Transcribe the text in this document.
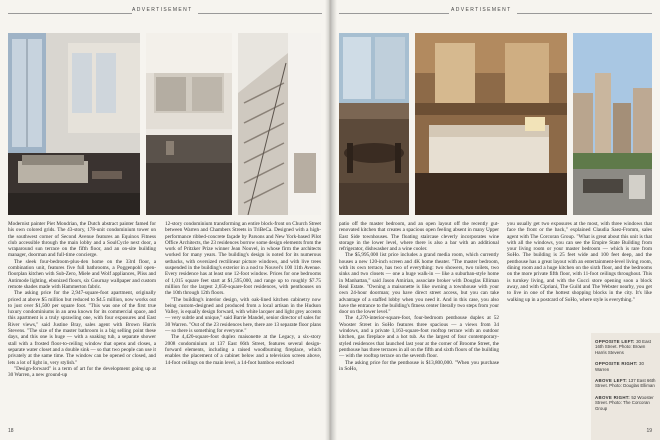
ADVERTISEMENT

Modernist painter Piet Mondrian, the Dutch abstract painter famed for his own colored grids. The 43-story, 178-unit condominium tower on the southwest corner of Second Avenue features an Equinox Fitness club accessible through the main lobby and a SoulCycle next door, a wraparound sun terrace on the fifth floor, and an on-site building manager, doorman and full-time concierge.

The sleek four-bedroom-plus-den home on the 33rd floor, a combination unit, features five full bathrooms, a Poggenpohl open-floorplan kitchen with Sub-Zero, Miele and Wolf appliances, Pliss and Antimode lighting, ebonized floors, six Gournay wallpaper and custom remote shades made with Hammerton fabric.

The asking price for the 2,947-square-foot apartment, originally priced at above $5 million but reduced to $4.5 million, now works out to just over $1,500 per square foot. "This was one of the first true luxury condominiums in an area known for its commercial space, and this apartment is a truly sprawling one, with four exposures and East River views," said Justine Bray, sales agent with Brown Harris Stevens. "The size of the master bathroom is a big selling point these days, and this one is huge — with a soaking tub, a separate shower stall with a frosted floor-to-ceiling window that opens and closes, a separate water closet and a double sink — so that two people can use it privately at the same time. The window can be opened or closed, and lets a lot of light in, very stylish."

"Design-forward" is a term of art for the development going up at 30 Warren, a new ground-up

12-story condominium transforming an entire block-front on Church Street between Warren and Chambers Streets in TriBeCa. Designed with a high-performance ribbed-concrete façade by Parsons and New York-based Pilot Office Architects, the 23 residences borrow some design elements from the work of Pritzker Prize winner Jean Nouvel, in whose firm the architects worked for many years. The building's design is noted for its numerous setbacks, with oversized rectilinear picture windows, and with live trees suspended in the building's exterior in a nod to Nouvel's 100 11th Avenue. Every residence has at least one 12-foot window. Prices for one bedrooms of 1,015 square feet start at $1,595,000, and range up to roughly $7.75 million for the largest 2,650-square-foot residences, with penthouses on the 10th through 12th floors.

"The building's interior design, with oak-lined kitchen cabinetry now being custom-designed and produced from a local artisan in the Hudson Valley, is equally design forward, with white lacquer and light grey accents — very subtle and unique," said Barrie Mandel, senior director of sales for 30 Warren. "Out of the 23 residences here, there are 13 separate floor plans — so there is something for everyone."

The 4,420-square-foot duplex maisonette at the Legacy, a six-story 2008 condominium at 137 East 66th Street, features several design-forward elements, including a raised woodburning fireplace, which enables the placement of a cabinet below and a television screen above, 14-foot ceilings on the main level, a 14-foot bamboo enclosed

18
ADVERTISEMENT

patio off the master bedroom, and an open layout off the recently gut-renovated kitchen that creates a spacious open feeling absent in many Upper East Side townhouses. The floating staircase cleverly incorporates wine storage in the lower level, where there is also a bar with an additional refrigerator, dishwasher and a wine cooler.

The $5,995,000 list price includes a grand media room, which currently houses a new 120-inch screen and 4K home theater. "The master bedroom, with its own terrace, has two of everything: two showers, two toilets, two sinks and two closets — one a huge walk-in — like a suburban-style home in Manhattan," said Jason Amirian, associate broker with Douglas Elliman Real Estate. "Owning a maisonette is like owning a townhouse with your own 24-hour doorman; you have direct street access, but you can take advantage of a staffed lobby when you need it. And in this case, you also have the entrance to the building's fitness center literally two steps from your door on the lower level."

The 4,270-interior-square-foot, four-bedroom penthouse duplex at 52 Wooster Street in SoHo features three spacious — a views from 34 windows, and a private 1,163-square-foot rooftop terrace with an outdoor kitchen, gas fireplace and a hot tub. As the largest of four contemporary-styled residences that launched last year at the corner of Broome Street, the penthouse has three terraces in all on the fifth and sixth floors of the building — with the rooftop terrace on the seventh floor.

The asking price for the penthouse is $13,800,000. "When you purchase in SoHo,

you usually get two exposures at the most, with three windows that face the front or the back," explained Claudia Saez-Fromm, sales agent with The Corcoran Group. "What is great about this unit is that with all the windows, you can see the Empire State Building from your living room or your master bedroom — which is rare from SoHo. The building is 25 feet wide and 100 feet deep, and the penthouse has a great layout with an entertainment-level living room, dining room and a huge kitchen on the sixth floor, and the bedrooms on the more private fifth floor, with 11-foot ceilings throughout. This is turnkey living, and with the Gucci store opening soon a block away, and with Cipriani, The Guild and The Webster nearby, you get to live in one of the hottest shopping blocks in the city. It's like walking up in a postcard of SoHo, where style is everything."

OPPOSITE LEFT: 30 East 16th Street. Photo: Brown Harris Stevens
OPPOSITE RIGHT: 30 Warren
ABOVE LEFT: 137 East 66th Street. Photo: Douglas Elliman
ABOVE RIGHT: 52 Wooster Street. Photo: The Corcoran Group
19
